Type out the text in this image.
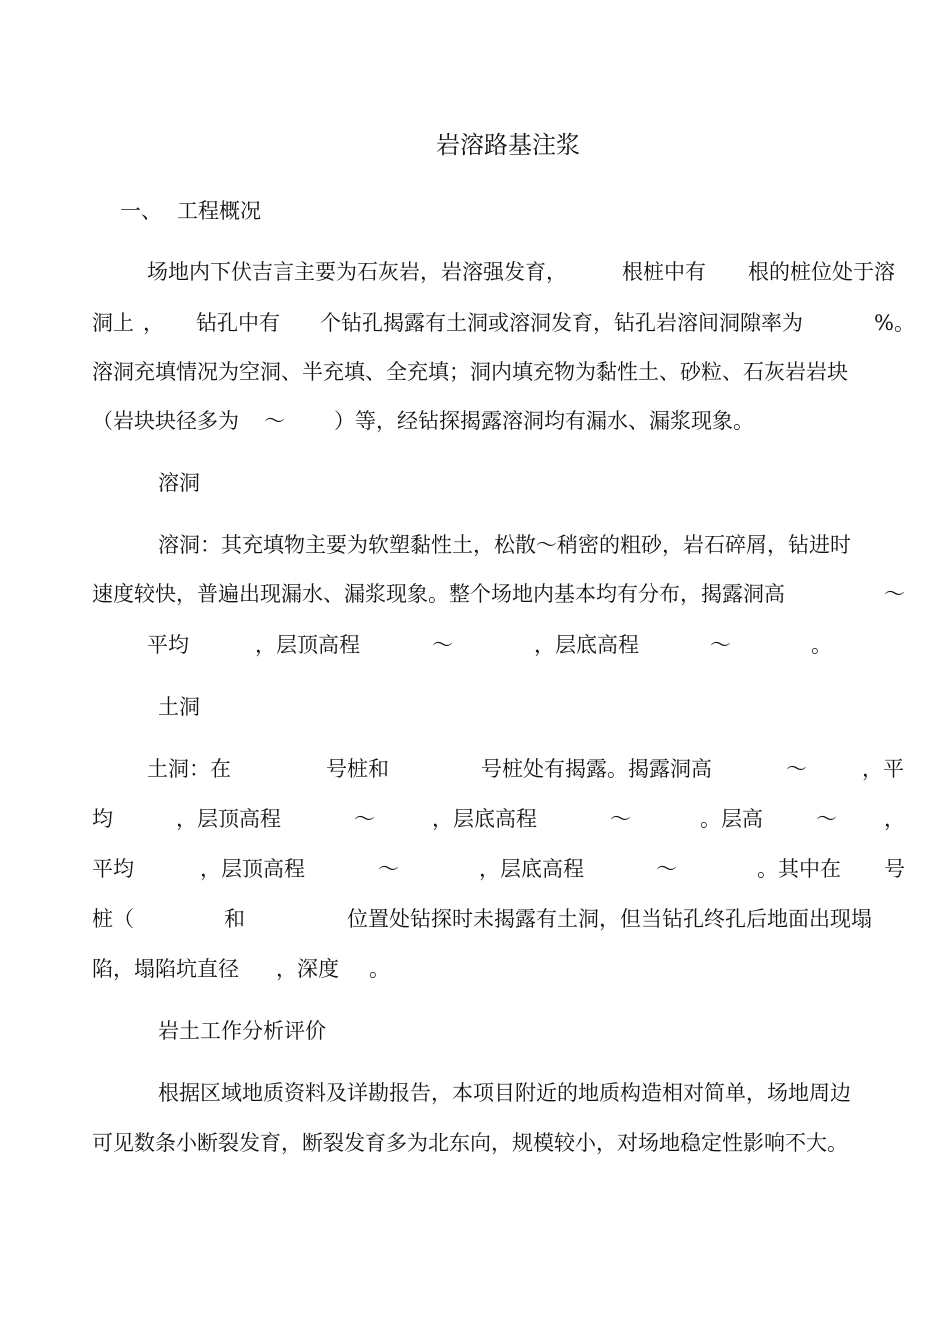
岩溶路基注浆
一、 工程概况
场地内下伏吉言主要为石灰岩，岩溶强发育，	根桩中有 根的桩位处于溶
洞上 ， 钻孔中有 个钻孔揭露有土洞或溶洞发育，钻孔岩溶间洞隙率为	%。
溶洞充填情况为空洞、半充填、全充填；洞内填充物为黏性土、砂粒、石灰岩岩块
（岩块块径多为 ～ ）等，经钻探揭露溶洞均有漏水、漏浆现象。
溶洞
溶洞：其充填物主要为软塑黏性土，松散～稍密的粗砂，岩石碎屑，钻进时
速度较快，普遍出现漏水、漏浆现象。整个场地内基本均有分布，揭露洞高	～
平均	，层顶高程	～	，层底高程	～	。
土洞
土洞：在	号桩和	号桩处有揭露。揭露洞高	～	，平
均	，层顶高程	～	，层底高程	～	。层高	～ ，
平均	，层顶高程	～	，层底高程	～	。其中在 号
桩（	和	位置处钻探时未揭露有土洞，但当钻孔终孔后地面出现塌
陷，塌陷坑直径 ，深度 。
岩土工作分析评价
根据区域地质资料及详勘报告，本项目附近的地质构造相对简单，场地周边
可见数条小断裂发育，断裂发育多为北东向，规模较小，对场地稳定性影响不大。
